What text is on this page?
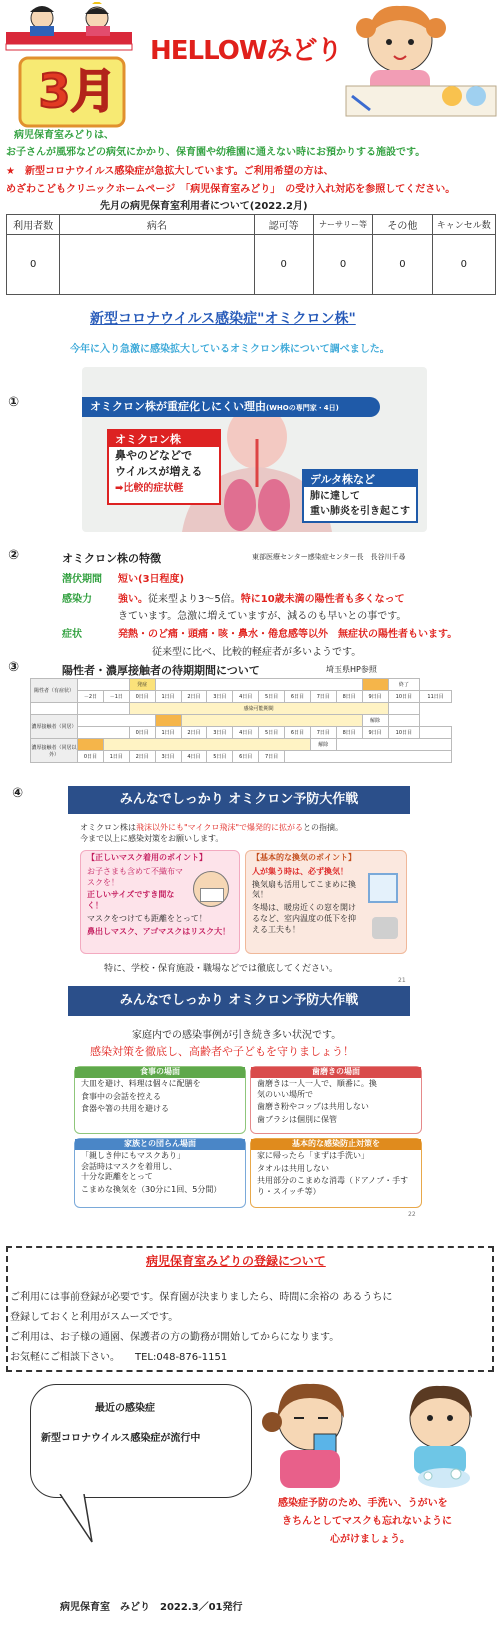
3月
HELLOWみどり
病児保育室みどりは、
お子さんが風邪などの病気にかかり、保育園や幼稚園に通えない時にお預かりする施設です。
★　新型コロナウイルス感染症が急拡大しています。ご利用希望の方は、
めざわこどもクリニックホームページ　｢病児保育室みどり｣　の受け入れ対応を参照してください。
先月の病児保育室利用者について(2022.2月)
利用者数	病名	認可等	ナーサリー等	その他	キャンセル数
0		0	0	0	0
新型コロナウイルス感染症"オミクロン株"
今年に入り急激に感染拡大しているオミクロン株について調べました。
①	オミクロン株が重症化しにくい理由(WHOの専門家・4日)
オミクロン株
鼻やのどなどで
ウイルスが増える
➡比較的症状軽
デルタ株など
肺に達して
重い肺炎を引き起こす
②	オミクロン株の特徴	東部医療センター感染症センター長　長谷川千尋
潜伏期間 短い(3日程度)
感染力	強い。従来型より3～5倍。特に10歳未満の陽性者も多くなって
きています。急激に増えていますが、減るのも早いとの事です。
症状	発熱・のど痛・頭痛・咳・鼻水・倦怠感等以外　無症状の陽性者もいます。
従来型に比べ、比較的軽症者が多いようです。
③	陽性者・濃厚接触者の待期期間について	埼玉県HP参照
陽性者（有症状）			発症										終了	
	－2日	－1日	0日目	1日目	2日目	3日目	4日目	5日目	6日目	7日目	8日目	9日目	10日目	11日目
			感染可能期間											
濃厚接触者（同居）												解除		
			0日目	1日目	2日目	3日目	4日目	5日目	6日目	7日目	8日目	9日目	10日目	
濃厚接触者（同居以外）										解除				
	0日目	1日目	2日目	3日目	4日目	5日目	6日目	7日目						
④	みんなでしっかり オミクロン予防大作戦
オミクロン株は飛沫以外にも"マイクロ飛沫"で爆発的に拡がるとの指摘。
今まで以上に感染対策をお願いします。
【正しいマスク着用のポイント】
お子さまも含めて不織布マスクを！
正しいサイズですき間なく！
マスクをつけても距離をとって！
鼻出しマスク、アゴマスクはリスク大！
【基本的な換気のポイント】
人が集う時は、必ず換気！
換気扇も活用してこまめに換気！
冬場は、暖房近くの窓を開けるなど、室内温度の低下を抑える工夫も！
特に、学校・保育施設・職場などでは徹底してください。
21
みんなでしっかり オミクロン予防大作戦
家庭内での感染事例が引き続き多い状況です。
感染対策を徹底し、高齢者や子どもを守りましょう！
食事の場面
大皿を避け、料理は個々に配膳を
食事中の会話を控える
食器や箸の共用を避ける
歯磨きの場面
歯磨きは一人一人で、順番に。換気のいい場所で
歯磨き粉やコップは共用しない
歯ブラシは個別に保管
家族との団らん場面
「親しき仲にもマスクあり」会話時はマスクを着用し、十分な距離をとって
こまめな換気を（30分に1回、5分間）
基本的な感染防止対策を
家に帰ったら「まずは手洗い」
タオルは共用しない
共用部分のこまめな消毒（ドアノブ・手すり・スイッチ等）
22
病児保育室みどりの登録について
ご利用には事前登録が必要です。保育園が決まりましたら、時間に余裕の あるうちに
登録しておくと利用がスムーズです。
ご利用は、お子様の通園、保護者の方の勤務が開始してからになります。
お気軽にご相談下さい。　　TEL:048-876-1151
最近の感染症
新型コロナウイルス感染症が流行中
感染症予防のため、手洗い、うがいを
きちんとしてマスクも忘れないように
心がけましょう。
病児保育室　みどり　2022.3／01発行
